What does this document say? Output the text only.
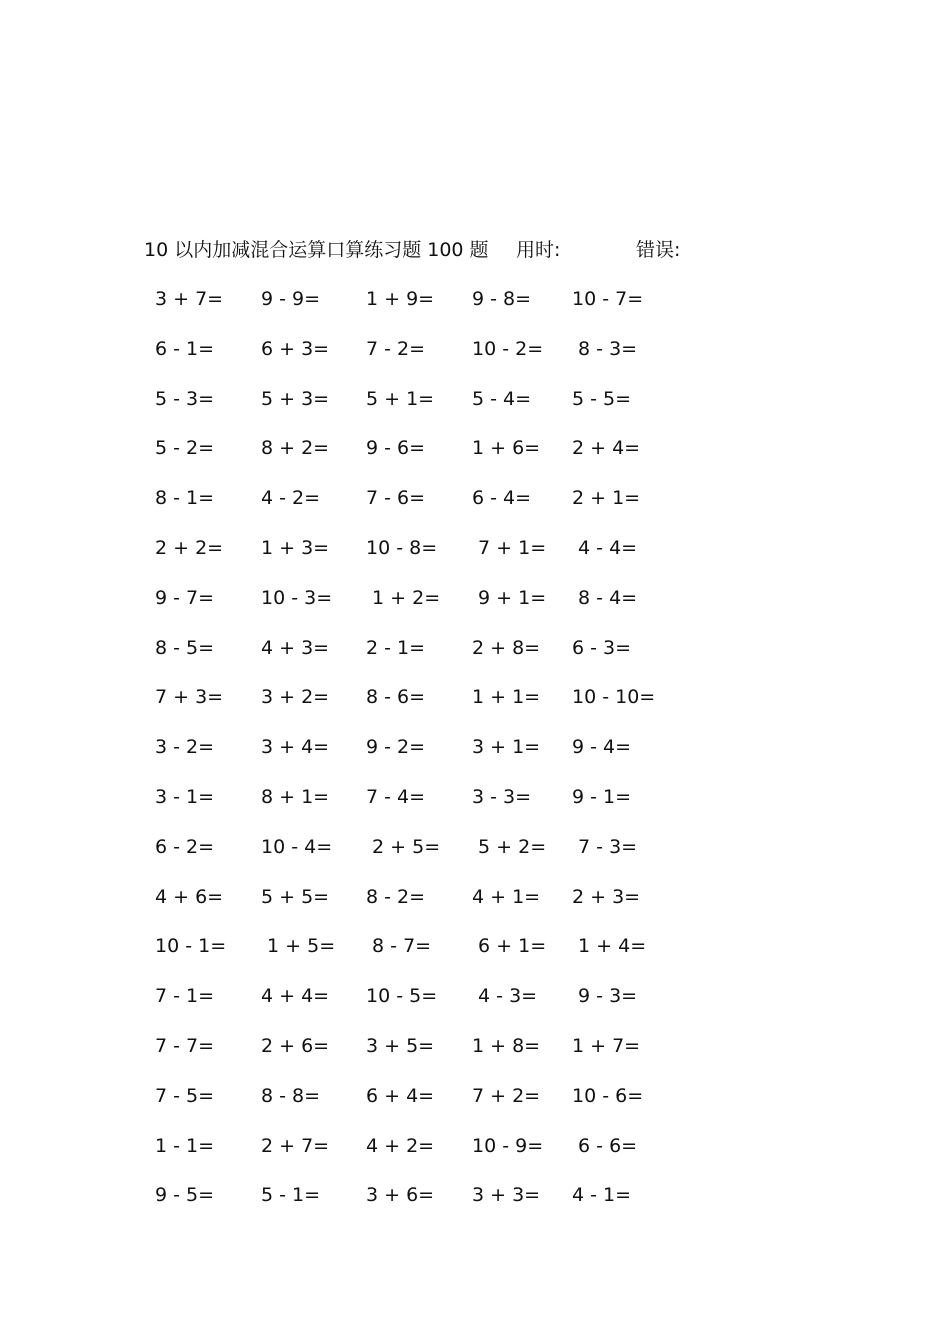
10 以内加减混合运算口算练习题 100 题 用时:	错误:
3 + 7=	9 - 9=	1 + 9=	9 - 8=	10 - 7=
6 - 1=	6 + 3=	7 - 2=	10 - 2=	8 - 3=
5 - 3=	5 + 3=	5 + 1=	5 - 4=	5 - 5=
5 - 2=	8 + 2=	9 - 6=	1 + 6=	2 + 4=
8 - 1=	4 - 2=	7 - 6=	6 - 4=	2 + 1=
2 + 2=	1 + 3=	10 - 8=	7 + 1=	4 - 4=
9 - 7=	10 - 3=	1 + 2=	9 + 1=	8 - 4=
8 - 5=	4 + 3=	2 - 1=	2 + 8=	6 - 3=
7 + 3=	3 + 2=	8 - 6=	1 + 1=	10 - 10=
3 - 2=	3 + 4=	9 - 2=	3 + 1=	9 - 4=
3 - 1=	8 + 1=	7 - 4=	3 - 3=	9 - 1=
6 - 2=	10 - 4=	2 + 5=	5 + 2=	7 - 3=
4 + 6=	5 + 5=	8 - 2=	4 + 1=	2 + 3=
10 - 1=	1 + 5=	8 - 7=	6 + 1=	1 + 4=
7 - 1=	4 + 4=	10 - 5=	4 - 3=	9 - 3=
7 - 7=	2 + 6=	3 + 5=	1 + 8=	1 + 7=
7 - 5=	8 - 8=	6 + 4=	7 + 2=	10 - 6=
1 - 1=	2 + 7=	4 + 2=	10 - 9=	6 - 6=
9 - 5=	5 - 1=	3 + 6=	3 + 3=	4 - 1=
